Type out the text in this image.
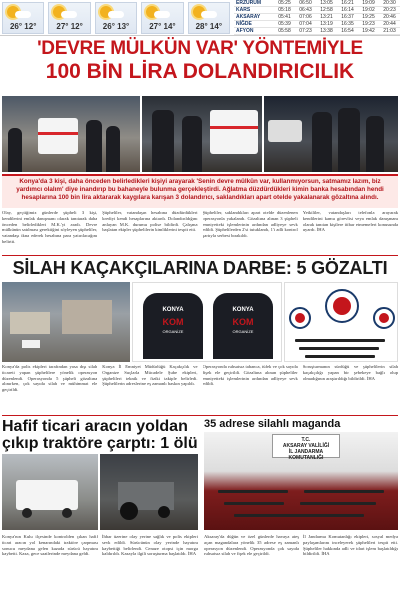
26° 12°	27° 12°	26° 13°	27° 14°	28° 14°
ERZURUM	05:25	06:50	13:05	16:21	19:09	20:30
KARS	05:18	06:43	12:58	16:14	19:02	20:23
AKSARAY	05:41	07:06	13:21	16:37	19:25	20:46
NİĞDE	05:39	07:04	13:19	16:35	19:23	20:44
AFYON	05:58	07:23	13:38	16:54	19:42	21:03
'DEVRE MÜLKÜN VAR' YÖNTEMİYLE
100 BİN LİRA DOLANDIRICILIK
Konya'da 3 kişi, daha önceden belirledikleri kişiyi arayarak 'Senin devre mülkün var, kullanmıyorsun, satmamız lazım, biz yardımcı olalım' diye inandırıp bu bahaneyle bulunma gerçekleştirdi. Ağlatma düzdürdükleri kimin banka hesabından hendi hesaplarına 100 bin lira aktararak kaygılara karışan 3 dolandırıcı, saklandıkları apart otelde yakalanarak gözaltına alındı.
Olay, geçtiğimiz günlerde şüpheli 3 kişi, kendilerini emlak danışmanı olarak tanıtarak daha önceden belirledikleri M.K.'yi aradı. Devre mülkünün satılması gerektiğini söyleyen şüpheliler, vatandaşı ikna ederek hesabına para yatırılacağını belirtti.
Şüpheliler, vatandaşın hesabına düzdürdükleri krediyi kendi hesaplarına aktardı. Dolandırıldığını anlayan M.K. durumu polise bildirdi. Çalışma başlatan ekipler şüphelilerin kimliklerini tespit etti.
Şüpheliler, saklandıkları apart otelde düzenlenen operasyonla yakalandı. Gözaltına alınan 3 şüpheli emniyetteki işlemlerinin ardından adliyeye sevk edildi. Şüphelilerden 2'si tutuklandı, 1'i adli kontrol şartıyla serbest bırakıldı.
Yetkililer, vatandaşları telefonla arayarak kendilerini kamu görevlisi veya emlak danışmanı olarak tanıtan kişilere itibar etmemeleri konusunda uyardı. İHA
SİLAH KAÇAKÇILARINA DARBE: 5 GÖZALTI
KONYA
KOM
ORGANİZE
KONYA
KOM
ORGANİZE
Konya'da polis ekipleri tarafından yasa dışı silah ticareti yapan şüphelilere yönelik operasyon düzenlendi. Operasyonda 5 şüpheli gözaltına alınırken, çok sayıda silah ve mühimmat ele geçirildi.
Konya İl Emniyet Müdürlüğü Kaçakçılık ve Organize Suçlarla Mücadele Şube ekipleri, şüphelileri teknik ve fiziki takiple belirledi. Şüphelilerin adreslerine eş zamanlı baskın yapıldı.
Operasyonda ruhsatsız tabanca, tüfek ve çok sayıda fişek ele geçirildi. Gözaltına alınan şüpheliler emniyetteki işlemlerinin ardından adliyeye sevk edildi.
Soruşturmanın sürdüğü ve şüphelilerin silah kaçakçılığı yapan bir şebekeye bağlı olup olmadığının araştırıldığı bildirildi. İHA
Hafif ticari aracın yoldan çıkıp traktöre çarptı: 1 ölü
Konya'nın Kulu ilçesinde kontrolden çıkan hafif ticari aracın yol kenarındaki traktöre çarpması sonucu meydana gelen kazada sürücü hayatını kaybetti. Kaza, gece saatlerinde meydana geldi.
İhbar üzerine olay yerine sağlık ve polis ekipleri sevk edildi. Sürücünün olay yerinde hayatını kaybettiği belirlendi. Cenaze otopsi için morga kaldırıldı. Kazayla ilgili soruşturma başlatıldı. İHA
35 adrese silahlı maganda
T.C.
AKSARAY VALİLİĞİ
İL JANDARMA KOMUTANLIĞI
Aksaray'da düğün ve özel günlerde havaya ateş açan magandalara yönelik 35 adrese eş zamanlı operasyon düzenlendi. Operasyonda çok sayıda ruhsatsız silah ve fişek ele geçirildi.
İl Jandarma Komutanlığı ekipleri, sosyal medya paylaşımlarını inceleyerek şüphelileri tespit etti. Şüpheliler hakkında adli ve idari işlem başlatıldığı bildirildi. İHA
